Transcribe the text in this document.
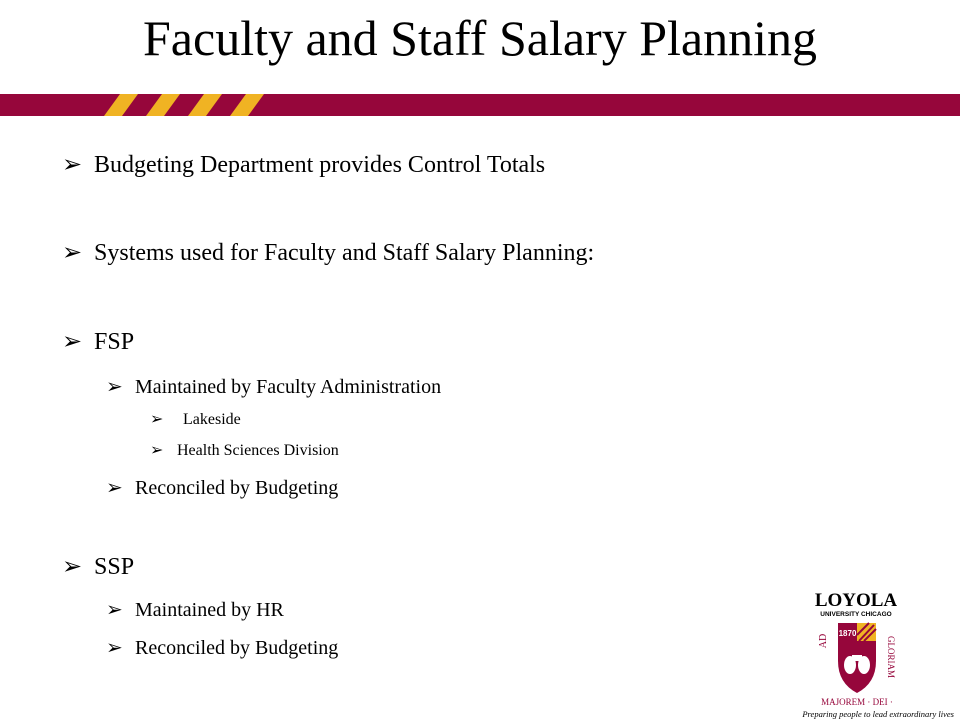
Faculty and Staff Salary Planning
➢ Budgeting Department provides Control Totals
➢ Systems used for Faculty and Staff Salary Planning:
➢ FSP
➢ Maintained by Faculty Administration
➢ Lakeside
➢ Health Sciences Division
➢ Reconciled by Budgeting
➢ SSP
➢ Maintained by HR
➢ Reconciled by Budgeting
LOYOLA
UNIVERSITY CHICAGO
1870
AD
MAJOREM · DEI ·
GLORIAM
Preparing people to lead extraordinary lives
